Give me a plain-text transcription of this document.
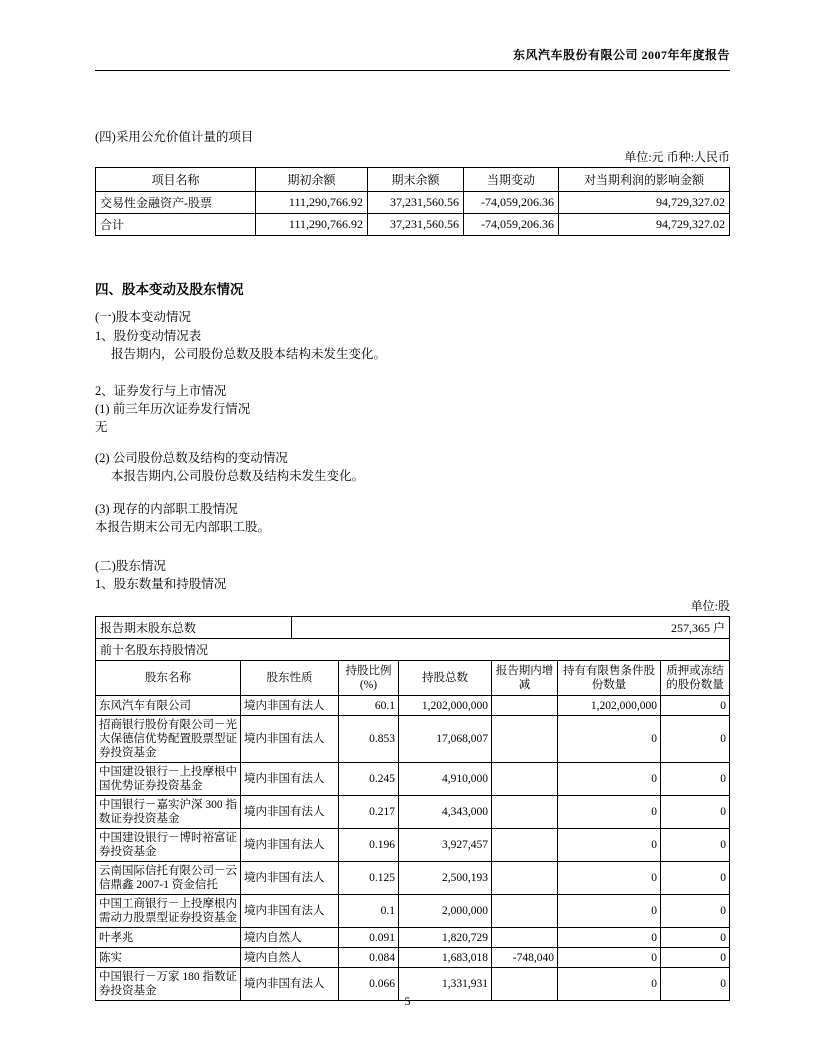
东风汽车股份有限公司 2007年年度报告

(四)采用公允价值计量的项目

单位:元 币种:人民币

项目名称	期初余额	期末余额	当期变动	对当期利润的影响金额
交易性金融资产-股票	111,290,766.92	37,231,560.56	-74,059,206.36	94,729,327.02
合计	111,290,766.92	37,231,560.56	-74,059,206.36	94,729,327.02
四、股本变动及股东情况

(一)股本变动情况

1、股份变动情况表

报告期内，公司股份总数及股本结构未发生变化。

2、证券发行与上市情况

(1) 前三年历次证券发行情况

无

(2) 公司股份总数及结构的变动情况

本报告期内,公司股份总数及结构未发生变化。

(3) 现存的内部职工股情况

本报告期末公司无内部职工股。

(二)股东情况

1、股东数量和持股情况

单位:股

报告期末股东总数	257,365 户
前十名股东持股情况
股东名称	股东性质	持股比例(%)	持股总数	报告期内增减	持有有限售条件股份数量	质押或冻结的股份数量
东风汽车有限公司	境内非国有法人	60.1	1,202,000,000		1,202,000,000	0
招商银行股份有限公司－光大保德信优势配置股票型证券投资基金	境内非国有法人	0.853	17,068,007		0	0
中国建设银行－上投摩根中国优势证券投资基金	境内非国有法人	0.245	4,910,000		0	0
中国银行－嘉实沪深 300 指数证券投资基金	境内非国有法人	0.217	4,343,000		0	0
中国建设银行－博时裕富证券投资基金	境内非国有法人	0.196	3,927,457		0	0
云南国际信托有限公司－云信鼎鑫 2007-1 资金信托	境内非国有法人	0.125	2,500,193		0	0
中国工商银行－上投摩根内需动力股票型证券投资基金	境内非国有法人	0.1	2,000,000		0	0
叶孝兆	境内自然人	0.091	1,820,729		0	0
陈实	境内自然人	0.084	1,683,018	-748,040	0	0
中国银行－万家 180 指数证券投资基金	境内非国有法人	0.066	1,331,931		0	0
5
